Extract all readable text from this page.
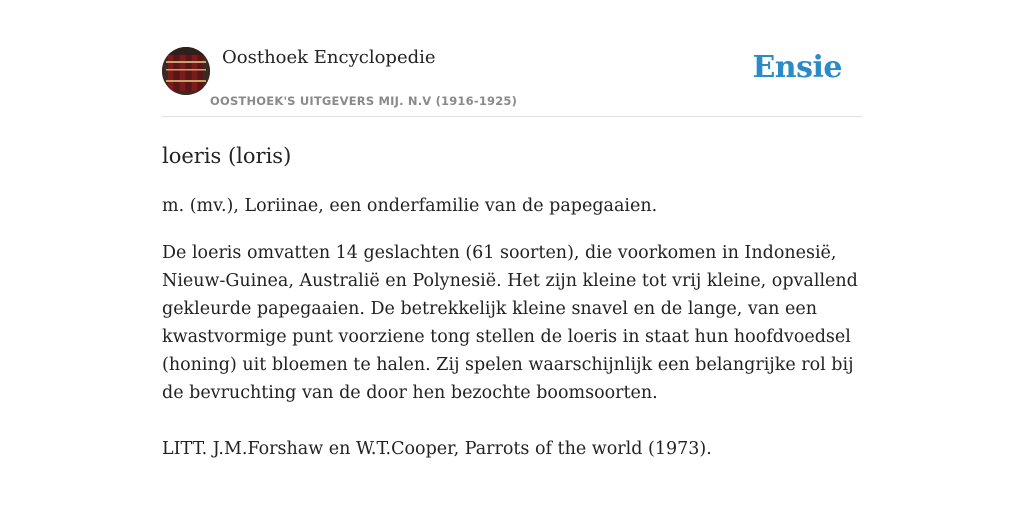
Oosthoek Encyclopedie
OOSTHOEK'S UITGEVERS MIJ. N.V (1916-1925)
Ensie
loeris (loris)

m. (mv.), Loriinae, een onderfamilie van de papegaaien.

De loeris omvatten 14 geslachten (61 soorten), die voorkomen in Indonesië, Nieuw-Guinea, Australië en Polynesië. Het zijn kleine tot vrij kleine, opvallend gekleurde papegaaien. De betrekkelijk kleine snavel en de lange, van een kwastvormige punt voorziene tong stellen de loeris in staat hun hoofdvoedsel (honing) uit bloemen te halen. Zij spelen waarschijnlijk een belangrijke rol bij de bevruchting van de door hen bezochte boomsoorten.

LITT. J.M.Forshaw en W.T.Cooper, Parrots of the world (1973).
